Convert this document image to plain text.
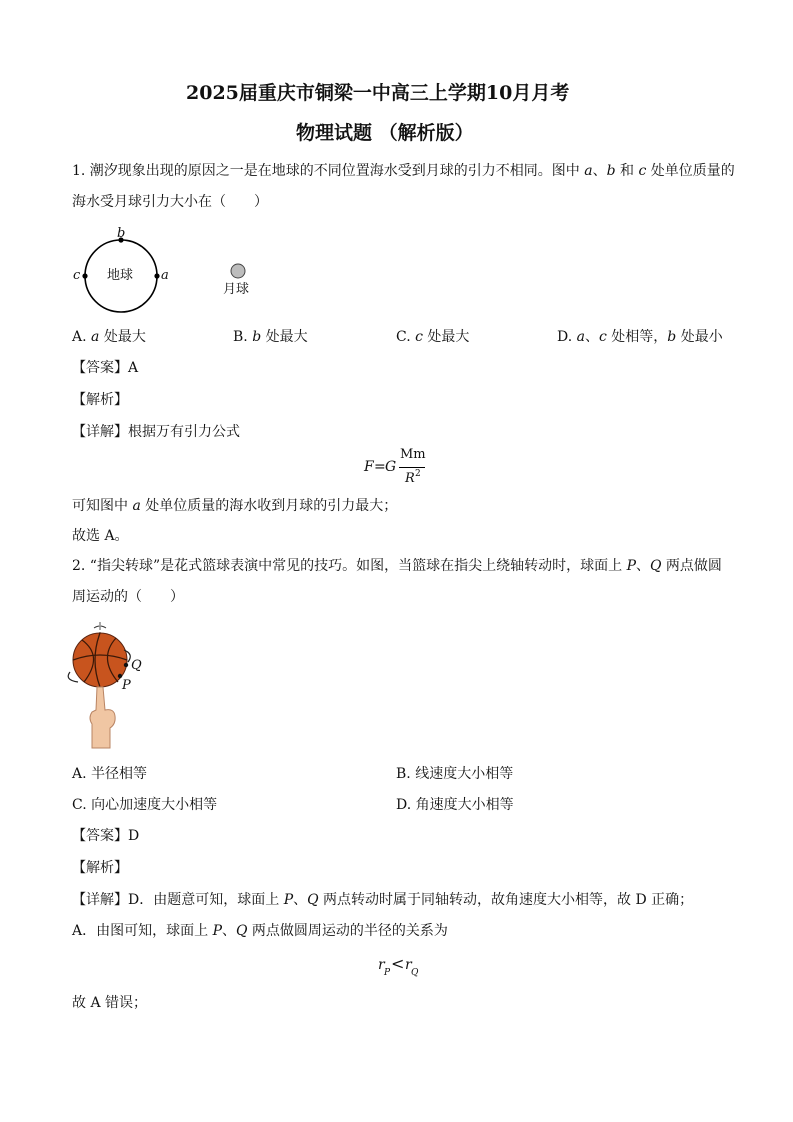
2025届重庆市铜梁一中高三上学期10月月考
物理试题 （解析版）
1. 潮汐现象出现的原因之一是在地球的不同位置海水受到月球的引力不相同。图中 a、b 和 c 处单位质量的
海水受月球引力大小在（　　）
b
c	a
地球
月球
A. a 处最大	B. b 处最大	C. c 处最大	D. a、c 处相等，b 处最小
【答案】A
【解析】
【详解】根据万有引力公式
F = G
Mm
R 2
可知图中 a 处单位质量的海水收到月球的引力最大；
故选 A。
2. “指尖转球”是花式篮球表演中常见的技巧。如图，当篮球在指尖上绕轴转动时，球面上 P、Q 两点做圆
周运动的（　　）
Q
P
A. 半径相等	B. 线速度大小相等
C. 向心加速度大小相等	D. 角速度大小相等
【答案】D
【解析】
【详解】D．由题意可知，球面上 P、Q 两点转动时属于同轴转动，故角速度大小相等，故 D 正确；
A．由图可知，球面上 P、Q 两点做圆周运动的半径的关系为
r P < r Q
故 A 错误；
